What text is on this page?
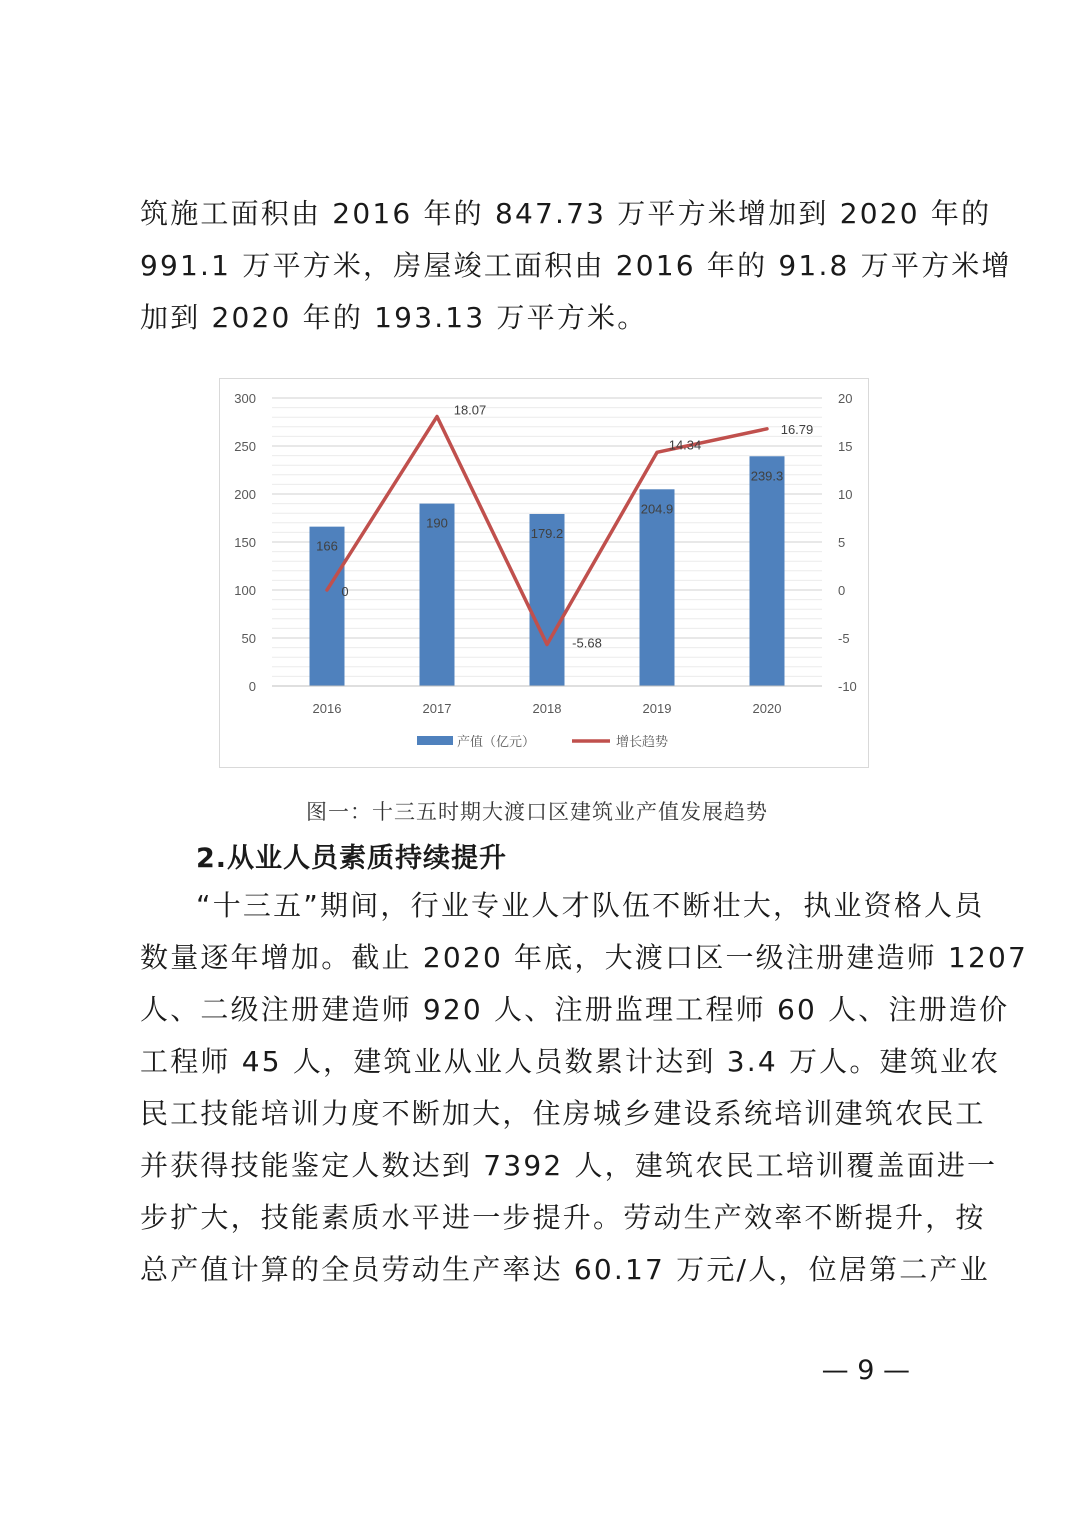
筑施工面积由 2016 年的 847.73 万平方米增加到 2020 年的
991.1 万平方米，房屋竣工面积由 2016 年的 91.8 万平方米增
加到 2020 年的 193.13 万平方米。
0
50
100
150
200
250
300
-10
-5
0
5
10
15
20
2016	2017	2018	2019	2020
166
190
179.2
204.9
239.3
0
18.07
-5.68
14.34
16.79
产值（亿元）	增长趋势
图一：十三五时期大渡口区建筑业产值发展趋势
2.从业人员素质持续提升
“十三五”期间，行业专业人才队伍不断壮大，执业资格人员
数量逐年增加。截止 2020 年底，大渡口区一级注册建造师 1207
人、二级注册建造师 920 人、注册监理工程师 60 人、注册造价
工程师 45 人，建筑业从业人员数累计达到 3.4 万人。建筑业农
民工技能培训力度不断加大，住房城乡建设系统培训建筑农民工
并获得技能鉴定人数达到 7392 人，建筑农民工培训覆盖面进一
步扩大，技能素质水平进一步提升。劳动生产效率不断提升，按
总产值计算的全员劳动生产率达 60.17 万元/人，位居第二产业
— 9 —
